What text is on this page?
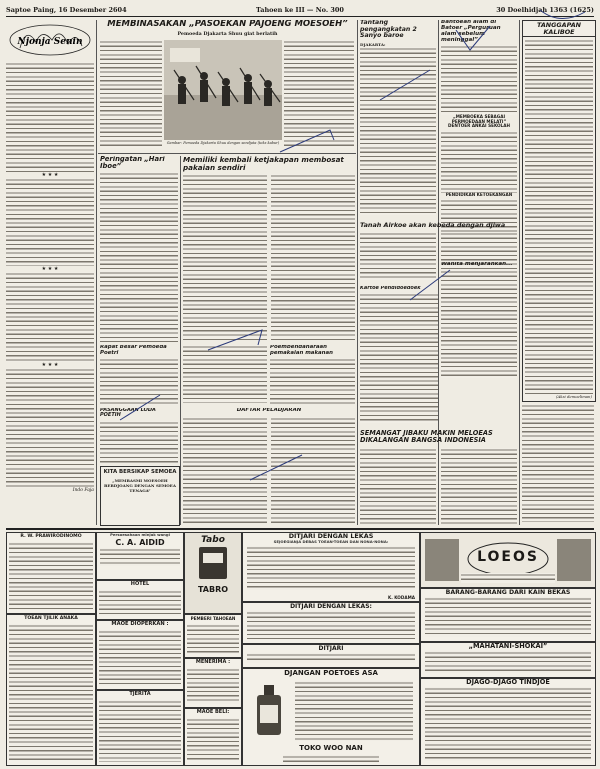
Saptoe Paing, 16 Desember 2604	Tahoen ke III — No. 300	30 Doelhidjah 1363 (1625)
Njonja Senin
★ ★ ★
★ ★ ★
★ ★ ★
Indo Faja
MEMBINASAKAN „PASOEKAN PAJOENG MOESOEH”
Pemoeda Djakarta Shuu giat berlatih
Gambar: Pemoeda Djakarta Shuu dengan sendjata (teks kabur)
Tantang pengangkatan 2 Sanyo baroe
DJAKARTA:
Bantoean alam di Batoer „Perguruan alam sebelum meninggal”
„MEMBOEKA SEBAGAI PERMOEDAAN MELATI” DENTOER ANKAI SEKOLAH
PENDIDIKAN KETOEKANGAN
TANGGAPAN KALIBOE
(Aksi demoeliman)
Peringatan „Hari Iboe”
Memiliki kembali ketjakapan membosat pakaian sendiri
Tanah Airkoe akan kebeda dengan djiwa
Poembendaharaan pemakaian makanan
Wanita menjarahkan...
Kartoe Pendidoedoek
Rapat Besar Pemoeda Poetri
PASANGGAAN LODA POETIH
KITA BERSIKAP SEMOEA
„MEMBASMI MOESOEH BERDJOANG DENGAN SEMOEA TENAGA”
DAFTAR PELADJARAN
SEMANGAT JIBAKU MAKIN MELOEAS DIKALANGAN BANGSA INDONESIA
R. W. PRAWIRODINOMO
TOEAN TJILIK ANAKA
Persoesahaan minjak wangi
C. A. AIDID
HOTEL
MAOE DIOPERKAN :
TJERITA
Tabo
TABRO
PEMBERI TAHOEAN
MENERIMA :
MAOE BELI:
DITJARI DENGAN LEKAS
SEJOEGIANJA DEBAS TOEAN-TOEAN DAN NONA-NONA:
K. KODAMA
DITJARI DENGAN LEKAS:
DITJARI
DJANGAN POETOES ASA
TOKO WOO NAN
LOEOS
BARANG-BARANG DARI KAIN BEKAS
„MAHATANI-SHOKAI”
DJAGO-DJAGO TINDJOE
